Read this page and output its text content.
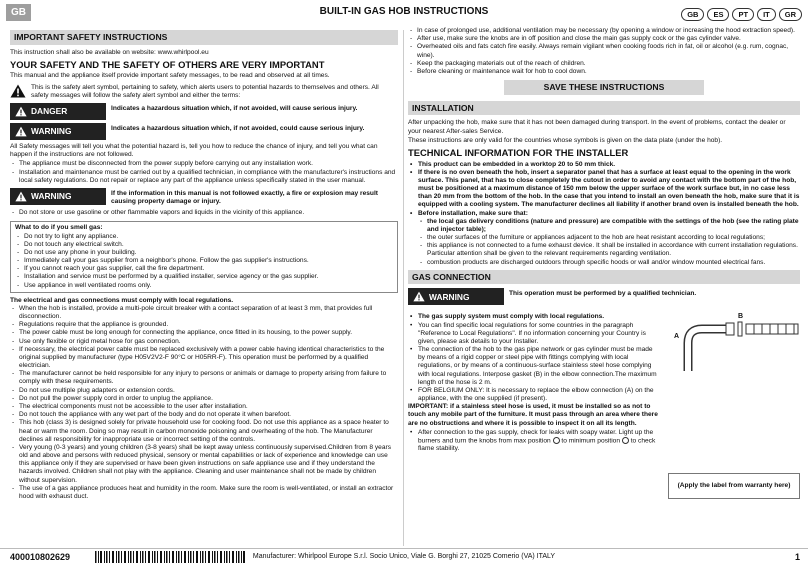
GB	BUILT-IN GAS HOB INSTRUCTIONS	GB	ES	PT	IT	GR
IMPORTANT SAFETY INSTRUCTIONS

This instruction shall also be available on website: www.whirlpool.eu

YOUR SAFETY AND THE SAFETY OF OTHERS ARE VERY IMPORTANT

This manual and the appliance itself provide important safety messages, to be read and observed at all times.

This is the safety alert symbol, pertaining to safety, which alerts users to potential hazards to themselves and others. All safety messages will follow the safety alert symbol and either the terms:
DANGER	Indicates a hazardous situation which, if not avoided, will cause serious injury.
WARNING	Indicates a hazardous situation which, if not avoided, could cause serious injury.

All Safety messages will tell you what the potential hazard is, tell you how to reduce the chance of injury, and tell you what can happen if the instructions are not followed.

- The appliance must be disconnected from the power supply before carrying out any installation work.
- Installation and maintenance must be carried out by a qualified technician, in compliance with the manufacturer's instructions and local safety regulations. Do not repair or replace any part of the appliance unless specifically stated in the user manual.
WARNING	If the information in this manual is not followed exactly, a fire or explosion may result causing property damage or injury.
- Do not store or use gasoline or other flammable vapors and liquids in the vicinity of this appliance.
What to do if you smell gas:
- Do not try to light any appliance.
- Do not touch any electrical switch.
- Do not use any phone in your building.
- Immediately call your gas supplier from a neighbor's phone. Follow the gas supplier's instructions.
- If you cannot reach your gas supplier, call the fire department.
- Installation and service must be performed by a qualified installer, service agency or the gas supplier.
- Use appliance in well ventilated rooms only.
The electrical and gas connections must comply with local regulations.
- When the hob is installed, provide a multi-pole circuit breaker with a contact separation of at least 3 mm, that provides full disconnection.
- Regulations require that the appliance is grounded.
- The power cable must be long enough for connecting the appliance, once fitted in its housing, to the power supply.
- Use only flexible or rigid metal hose for gas connection.
- If necessary, the electrical power cable must be replaced exclusively with a power cable having identical characteristics to the original supplied by manufacturer (type H05V2V2-F 90°C or H05RR-F). This operation must be performed by a qualified electrician.
- The manufacturer cannot be held responsible for any injury to persons or animals or damage to property arising from failure to comply with these requirements.
- Do not use multiple plug adapters or extension cords.
- Do not pull the power supply cord in order to unplug the appliance.
- The electrical components must not be accessible to the user after installation.
- Do not touch the appliance with any wet part of the body and do not operate it when barefoot.
- This hob (class 3) is designed solely for private household use for cooking food. Do not use this appliance as a space heater to heat or warm the room. Doing so may result in carbon monoxide poisoning and overheating of the hob. The Manufacturer declines all responsibility for inappropriate use or incorrect setting of the controls.
- Very young (0-3 years) and young children (3-8 years) shall be kept away unless continuously supervised.Children from 8 years old and above and persons with reduced physical, sensory or mental capabilities or lack of experience and knowledge can use this appliance only if they are supervised or have been given instructions on safe appliance use and if they understand the hazards involved. Children shall not play with the appliance. Cleaning and user maintenance shall not be made by children without supervision.
- The use of a gas appliance produces heat and humidity in the room. Make sure the room is well-ventilated, or install an extractor hood with exhaust duct.
- In case of prolonged use, additional ventilation may be necessary (by opening a window or increasing the hood extraction speed).
- After use, make sure the knobs are in off position and close the main gas supply cock or the gas cylinder valve.
- Overheated oils and fats catch fire easily. Always remain vigilant when cooking foods rich in fat, oil or alcohol (e.g. rum, cognac, wine).
- Keep the packaging materials out of the reach of children.
- Before cleaning or maintenance wait for hob to cool down.
SAVE THESE INSTRUCTIONS
INSTALLATION

After unpacking the hob, make sure that it has not been damaged during transport. In the event of problems, contact the dealer or your nearest After-sales Service.

These instructions are only valid for the countries whose symbols is given on the data plate (under the hob).

TECHNICAL INFORMATION FOR THE INSTALLER
• This product can be embedded in a worktop 20 to 50 mm thick.
• If there is no oven beneath the hob, insert a separator panel that has a surface at least equal to the opening in the work surface. This panel, that has to close completely the cutout in order to avoid any contact with the bottom part of the hob, must be positioned at a maximum distance of 150 mm below the upper surface of the work surface but, in no case less than 20 mm from the bottom of the hob. In the case that you intend to install an oven beneath the hob, make sure that it is equipped with a cooling system. The manufacturer declines all liability if another brand oven is installed beneath the hob.
• Before installation, make sure that:
- the local gas delivery conditions (nature and pressure) are compatible with the settings of the hob (see the rating plate and injector table);
- the outer surfaces of the furniture or appliances adjacent to the hob are heat resistant according to local regulations;
- this appliance is not connected to a fume exhaust device. It shall be installed in accordance with current installation regulations. Particular attention shall be given to the relevant requirements regarding ventilation.
- combustion products are discharged outdoors through specific hoods or wall and/or window mounted electrical fans.
GAS CONNECTION
WARNING	This operation must be performed by a qualified technician.
• The gas supply system must comply with local regulations.
• You can find specific local regulations for some countries in the paragraph "Reference to Local Regulations". If no information concerning your Country is given, please ask details to your Installer.
• The connection of the hob to the gas pipe network or gas cylinder must be made by means of a rigid copper or steel pipe with fittings complying with local regulations, or by means of a continuous-surface stainless steel hose complying with local regulations. Interpose gasket (B) in the elbow connection.The maximum length of the hose is 2 m.
• FOR BELGIUM ONLY: It is necessary to replace the elbow connection (A) on the appliance, with the one supplied (if present).

IMPORTANT: if a stainless steel hose is used, it must be installed so as not to touch any mobile part of the furniture. It must pass through an area where there are no obstructions and where it is possible to inspect it on all its length.

• After connection to the gas supply, check for leaks with soapy water. Light up the burners and turn the knobs from max position to minimum position to check flame stability.
A
B
(Apply the label from warranty here)
400010802629	Manufacturer: Whirlpool Europe S.r.l. Socio Unico, Viale G. Borghi 27, 21025 Comerio (VA) ITALY	1
